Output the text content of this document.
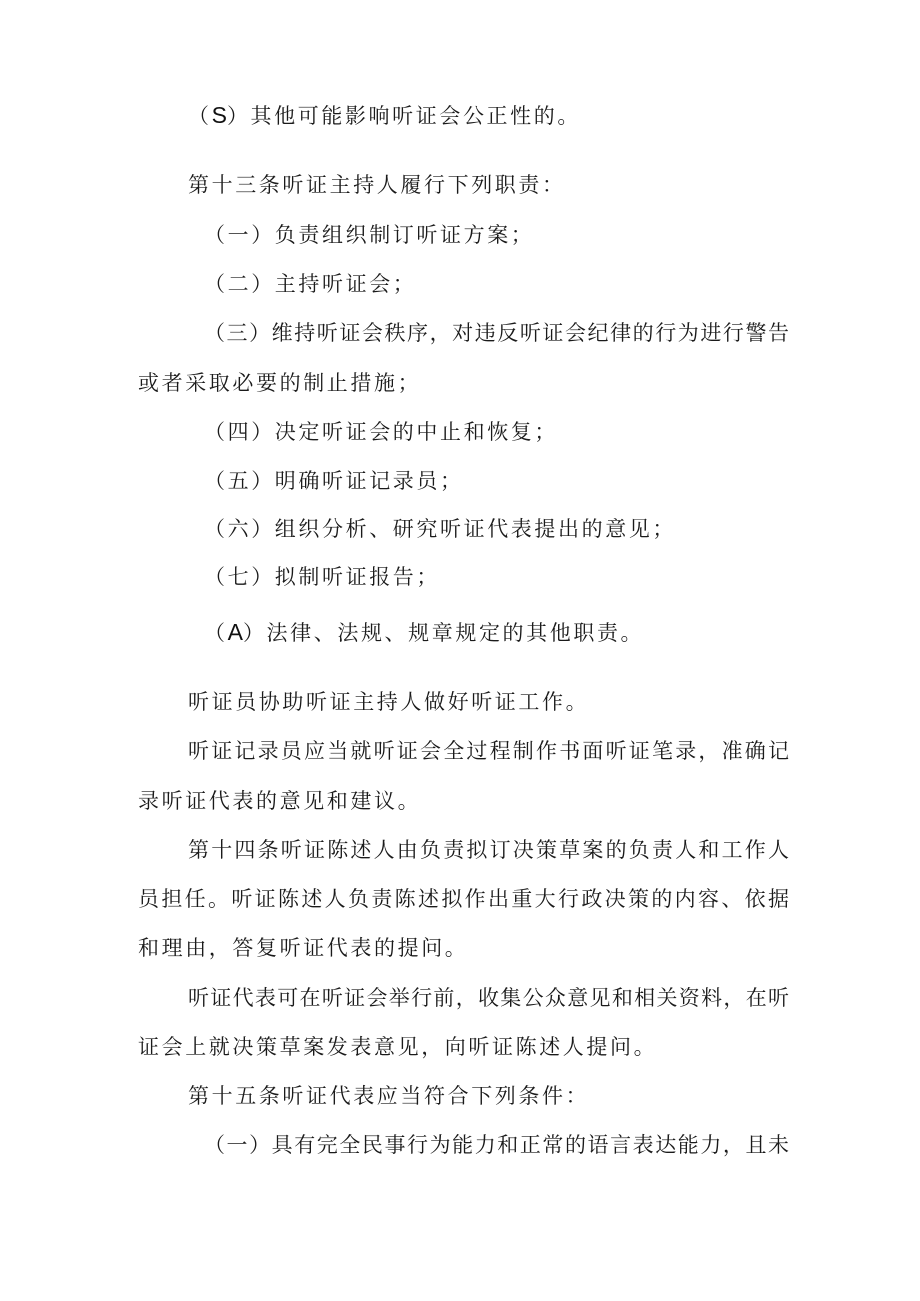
（S）其他可能影响听证会公正性的。
第十三条听证主持人履行下列职责：
（一）负责组织制订听证方案；
（二）主持听证会；
（三）维持听证会秩序，对违反听证会纪律的行为进行警告
或者采取必要的制止措施；
（四）决定听证会的中止和恢复；
（五）明确听证记录员；
（六）组织分析、研究听证代表提出的意见；
（七）拟制听证报告；
（A）法律、法规、规章规定的其他职责。
听证员协助听证主持人做好听证工作。
听证记录员应当就听证会全过程制作书面听证笔录，准确记
录听证代表的意见和建议。
第十四条听证陈述人由负责拟订决策草案的负责人和工作人
员担任。听证陈述人负责陈述拟作出重大行政决策的内容、依据
和理由，答复听证代表的提问。
听证代表可在听证会举行前，收集公众意见和相关资料，在听
证会上就决策草案发表意见，向听证陈述人提问。
第十五条听证代表应当符合下列条件：
（一）具有完全民事行为能力和正常的语言表达能力，且未
